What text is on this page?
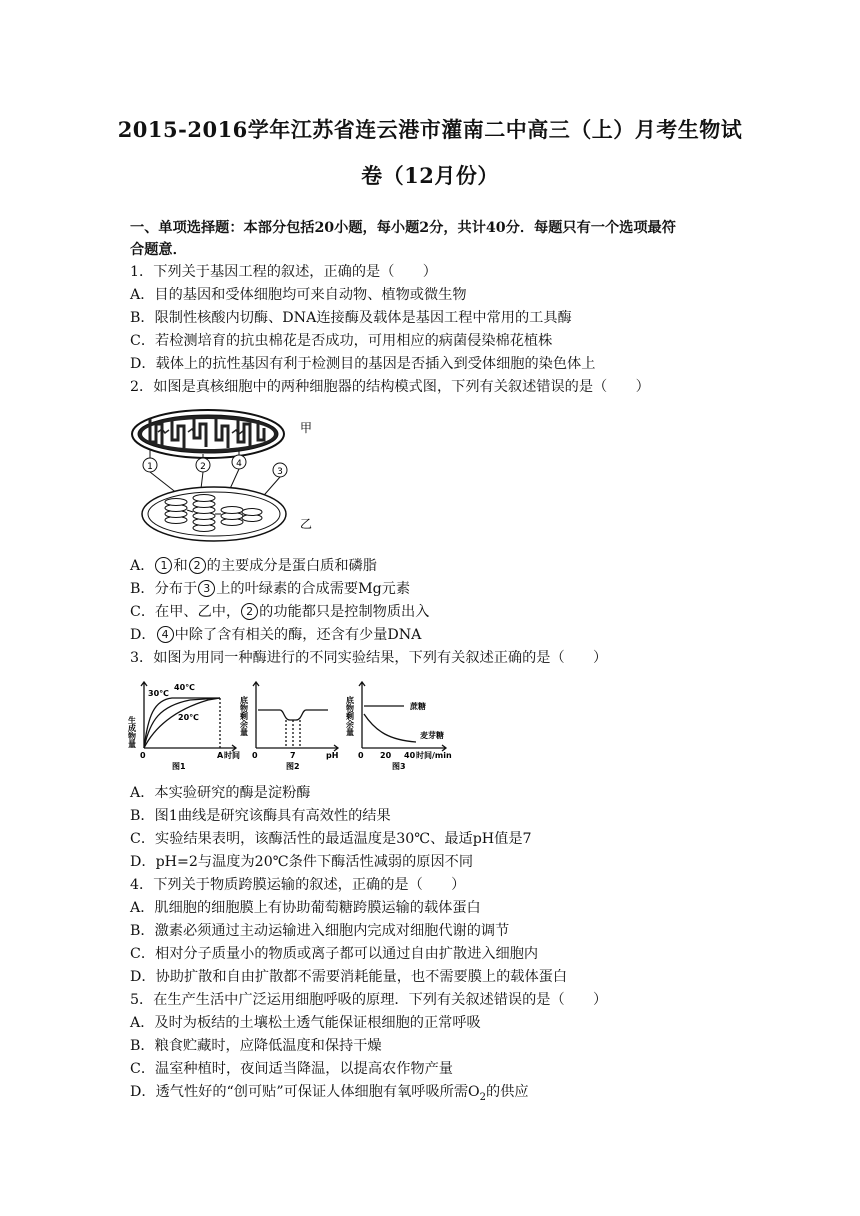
2015-2016学年江苏省连云港市灌南二中高三（上）月考生物试
卷（12月份）
一、单项选择题：本部分包括20小题，每小题2分，共计40分．每题只有一个选项最符
合题意．
1．下列关于基因工程的叙述，正确的是（　　）
A．目的基因和受体细胞均可来自动物、植物或微生物
B．限制性核酸内切酶、DNA连接酶及载体是基因工程中常用的工具酶
C．若检测培育的抗虫棉花是否成功，可用相应的病菌侵染棉花植株
D．载体上的抗性基因有利于检测目的基因是否插入到受体细胞的染色体上
2．如图是真核细胞中的两种细胞器的结构模式图，下列有关叙述错误的是（　　）
甲
1	2	4
3
乙
A． 1 和 2 的主要成分是蛋白质和磷脂
B．分布于 3 上的叶绿素的合成需要Mg元素
C．在甲、乙中， 2 的功能都只是控制物质出入
D． 4 中除了含有相关的酶，还含有少量DNA
3．如图为用同一种酶进行的不同实验结果，下列有关叙述正确的是（　　）
生成物量
30℃
40℃
20℃
0	A 时间
图1
底物剩余量
0	7	pH
图2
底物剩余量	蔗糖
麦芽糖
0 20 40 时间/min
图3
A．本实验研究的酶是淀粉酶
B．图1曲线是研究该酶具有高效性的结果
C．实验结果表明，该酶活性的最适温度是30℃、最适pH值是7
D．pH=2与温度为20℃条件下酶活性减弱的原因不同
4．下列关于物质跨膜运输的叙述，正确的是（　　）
A．肌细胞的细胞膜上有协助葡萄糖跨膜运输的载体蛋白
B．激素必须通过主动运输进入细胞内完成对细胞代谢的调节
C．相对分子质量小的物质或离子都可以通过自由扩散进入细胞内
D．协助扩散和自由扩散都不需要消耗能量，也不需要膜上的载体蛋白
5．在生产生活中广泛运用细胞呼吸的原理．下列有关叙述错误的是（　　）
A．及时为板结的土壤松土透气能保证根细胞的正常呼吸
B．粮食贮藏时，应降低温度和保持干燥
C．温室种植时，夜间适当降温，以提高农作物产量
D．透气性好的“创可贴”可保证人体细胞有氧呼吸所需$O_2$的供应
